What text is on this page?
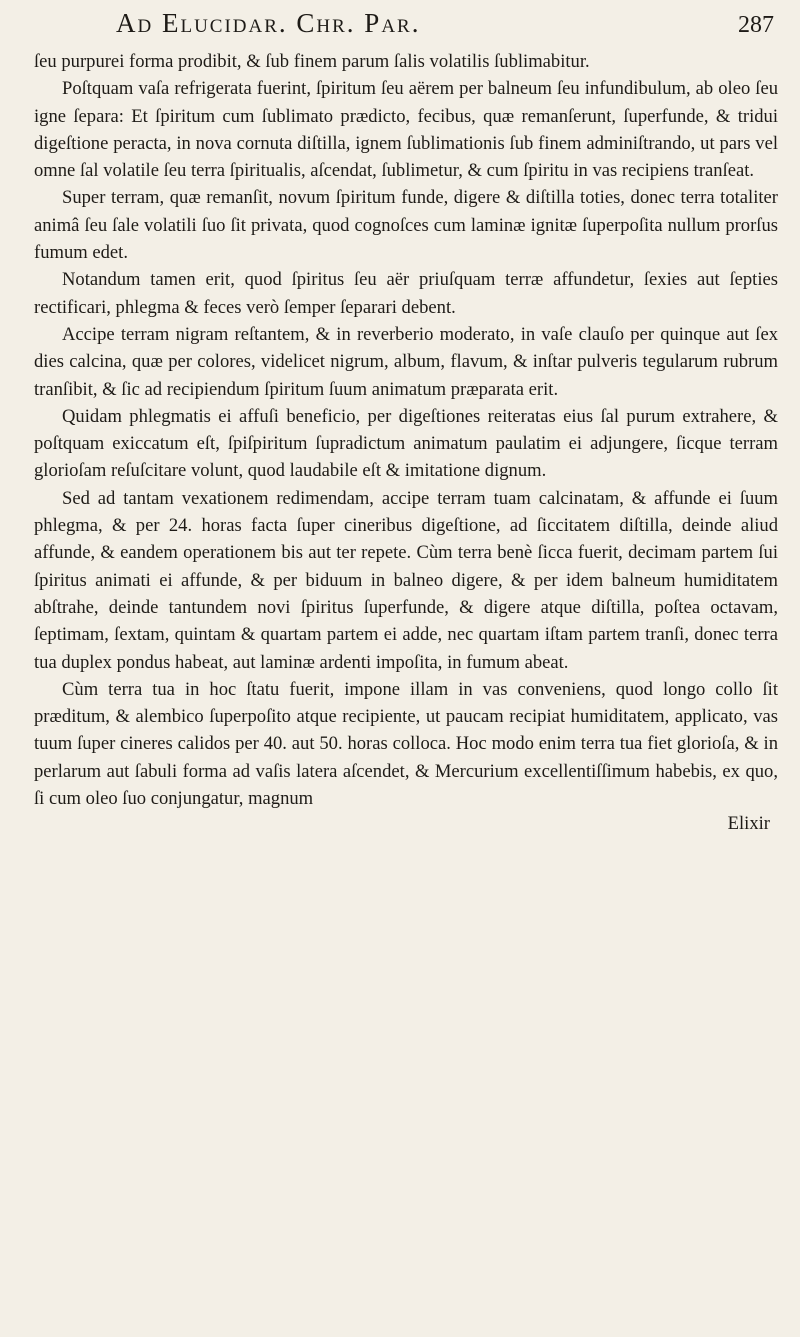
Ad Elucidar. Chr. Par.	287

ſeu purpurei forma prodibit, & ſub finem parum ſalis volatilis ſublimabitur.

Poſtquam vaſa refrigerata fuerint, ſpiritum ſeu aërem per balneum ſeu infundibulum, ab oleo ſeu igne ſepara: Et ſpiritum cum ſublimato prædicto, fecibus, quæ remanſerunt, ſuperfunde, & tridui digeſtione peracta, in nova cornuta diſtilla, ignem ſublimationis ſub finem adminiſtrando, ut pars vel omne ſal volatile ſeu terra ſpiritualis, aſcendat, ſublimetur, & cum ſpiritu in vas recipiens tranſeat.

Super terram, quæ remanſit, novum ſpiritum funde, digere & diſtilla toties, donec terra totaliter animâ ſeu ſale volatili ſuo ſit privata, quod cognoſces cum laminæ ignitæ ſuperpoſita nullum prorſus fumum edet.

Notandum tamen erit, quod ſpiritus ſeu aër priuſquam terræ affundetur, ſexies aut ſepties rectificari, phlegma & feces verò ſemper ſeparari debent.

Accipe terram nigram reſtantem, & in reverberio moderato, in vaſe clauſo per quinque aut ſex dies calcina, quæ per colores, videlicet nigrum, album, flavum, & inſtar pulveris tegularum rubrum tranſibit, & ſic ad recipiendum ſpiritum ſuum animatum præparata erit.

Quidam phlegmatis ei affuſi beneficio, per digeſtiones reiteratas eius ſal purum extrahere, & poſtquam exiccatum eſt, ſpiſpiritum ſupradictum animatum paulatim ei adjungere, ſicque terram glorioſam reſuſcitare volunt, quod laudabile eſt & imitatione dignum.

Sed ad tantam vexationem redimendam, accipe terram tuam calcinatam, & affunde ei ſuum phlegma, & per 24. horas facta ſuper cineribus digeſtione, ad ſiccitatem diſtilla, deinde aliud affunde, & eandem operationem bis aut ter repete. Cùm terra benè ſicca fuerit, decimam partem ſui ſpiritus animati ei affunde, & per biduum in balneo digere, & per idem balneum humiditatem abſtrahe, deinde tantundem novi ſpiritus ſuperfunde, & digere atque diſtilla, poſtea octavam, ſeptimam, ſextam, quintam & quartam partem ei adde, nec quartam iſtam partem tranſi, donec terra tua duplex pondus habeat, aut laminæ ardenti impoſita, in fumum abeat.

Cùm terra tua in hoc ſtatu fuerit, impone illam in vas conveniens, quod longo collo ſit præditum, & alembico ſuperpoſito atque recipiente, ut paucam recipiat humiditatem, applicato, vas tuum ſuper cineres calidos per 40. aut 50. horas colloca. Hoc modo enim terra tua fiet glorioſa, & in perlarum aut ſabuli forma ad vaſis latera aſcendet, & Mercurium excellentiſſimum habebis, ex quo, ſi cum oleo ſuo conjungatur, magnum

Elixir
